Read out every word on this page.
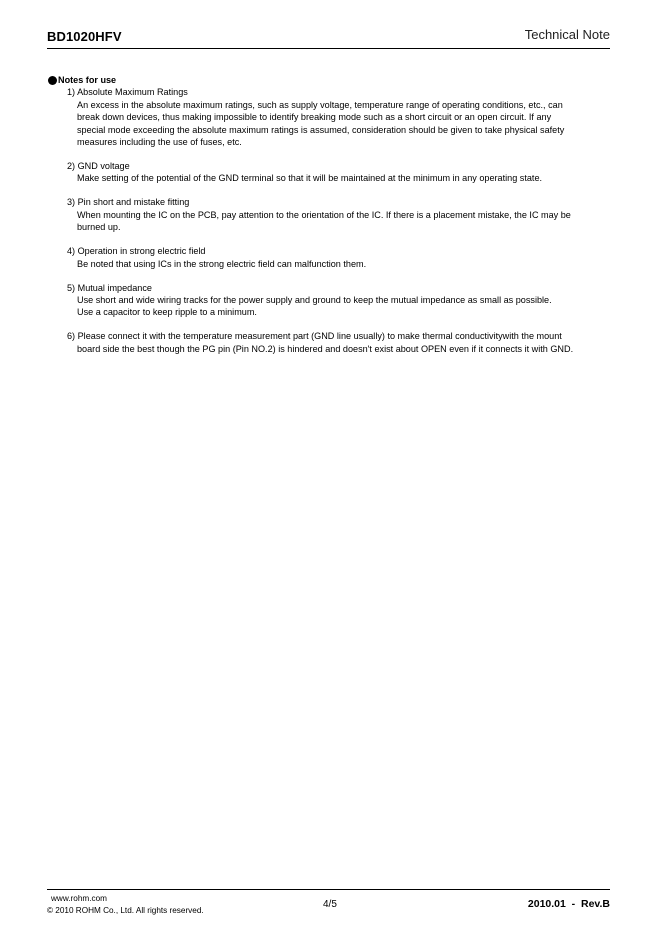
BD1020HFV	Technical Note
Notes for use
1) Absolute Maximum Ratings

An excess in the absolute maximum ratings, such as supply voltage, temperature range of operating conditions, etc., can

break down devices, thus making impossible to identify breaking mode such as a short circuit or an open circuit. If any

special mode exceeding the absolute maximum ratings is assumed, consideration should be given to take physical safety

measures including the use of fuses, etc.

2) GND voltage

Make setting of the potential of the GND terminal so that it will be maintained at the minimum in any operating state.

3) Pin short and mistake fitting

When mounting the IC on the PCB, pay attention to the orientation of the IC. If there is a placement mistake, the IC may be

burned up.

4) Operation in strong electric field

Be noted that using ICs in the strong electric field can malfunction them.

5) Mutual impedance

Use short and wide wiring tracks for the power supply and ground to keep the mutual impedance as small as possible.

Use a capacitor to keep ripple to a minimum.

6) Please connect it with the temperature measurement part (GND line usually) to make thermal conductivitywith the mount

board side the best though the PG pin (Pin NO.2) is hindered and doesn't exist about OPEN even if it connects it with GND.

www.rohm.com
© 2010 ROHM Co., Ltd. All rights reserved.
4/5	2010.01  -  Rev.B
